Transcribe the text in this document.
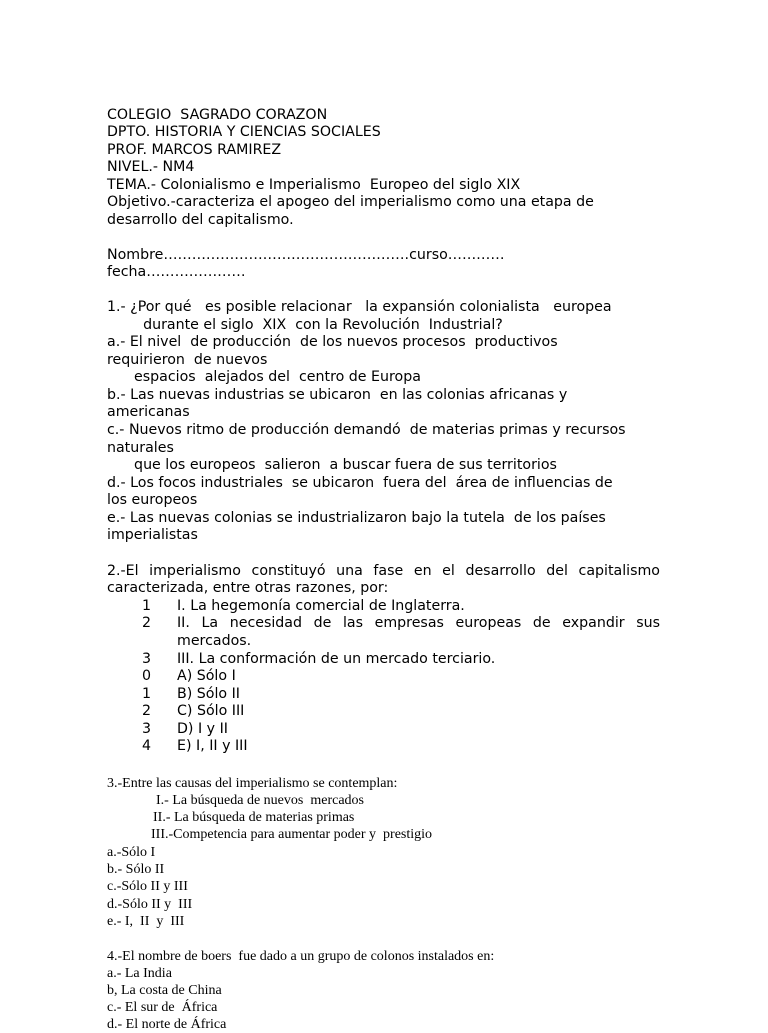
COLEGIO  SAGRADO CORAZON
DPTO. HISTORIA Y CIENCIAS SOCIALES
PROF. MARCOS RAMIREZ
NIVEL.- NM4
TEMA.- Colonialismo e Imperialismo  Europeo del siglo XIX
Objetivo.-caracteriza el apogeo del imperialismo como una etapa de
desarrollo del capitalismo.
Nombre…………………………………………….curso…………
fecha…………………
1.- ¿Por qué   es posible relacionar   la expansión colonialista   europea
durante el siglo  XIX  con la Revolución  Industrial?
a.- El nivel  de producción  de los nuevos procesos  productivos
requirieron  de nuevos
espacios  alejados del  centro de Europa
b.- Las nuevas industrias se ubicaron  en las colonias africanas y
americanas
c.- Nuevos ritmo de producción demandó  de materias primas y recursos
naturales
que los europeos  salieron  a buscar fuera de sus territorios
d.- Los focos industriales  se ubicaron  fuera del  área de influencias de
los europeos
e.- Las nuevas colonias se industrializaron bajo la tutela  de los países
imperialistas
2.-El imperialismo constituyó una fase en el desarrollo del capitalismo
caracterizada, entre otras razones, por:
1 I. La hegemonía comercial de Inglaterra.
2 II. La necesidad de las empresas europeas de expandir sus
mercados.
3 III. La conformación de un mercado terciario.
0 A) Sólo I
1 B) Sólo II
2 C) Sólo III
3 D) I y II
4 E) I, II y III
3.-Entre las causas del imperialismo se contemplan:
I.- La búsqueda de nuevos  mercados
II.- La búsqueda de materias primas
III.-Competencia para aumentar poder y  prestigio
a.-Sólo I
b.- Sólo II
c.-Sólo II y III
d.-Sólo II y  III
e.- I,  II  y  III
4.-El nombre de boers  fue dado a un grupo de colonos instalados en:
a.- La India
b, La costa de China
c.- El sur de  África
d.- El norte de África
